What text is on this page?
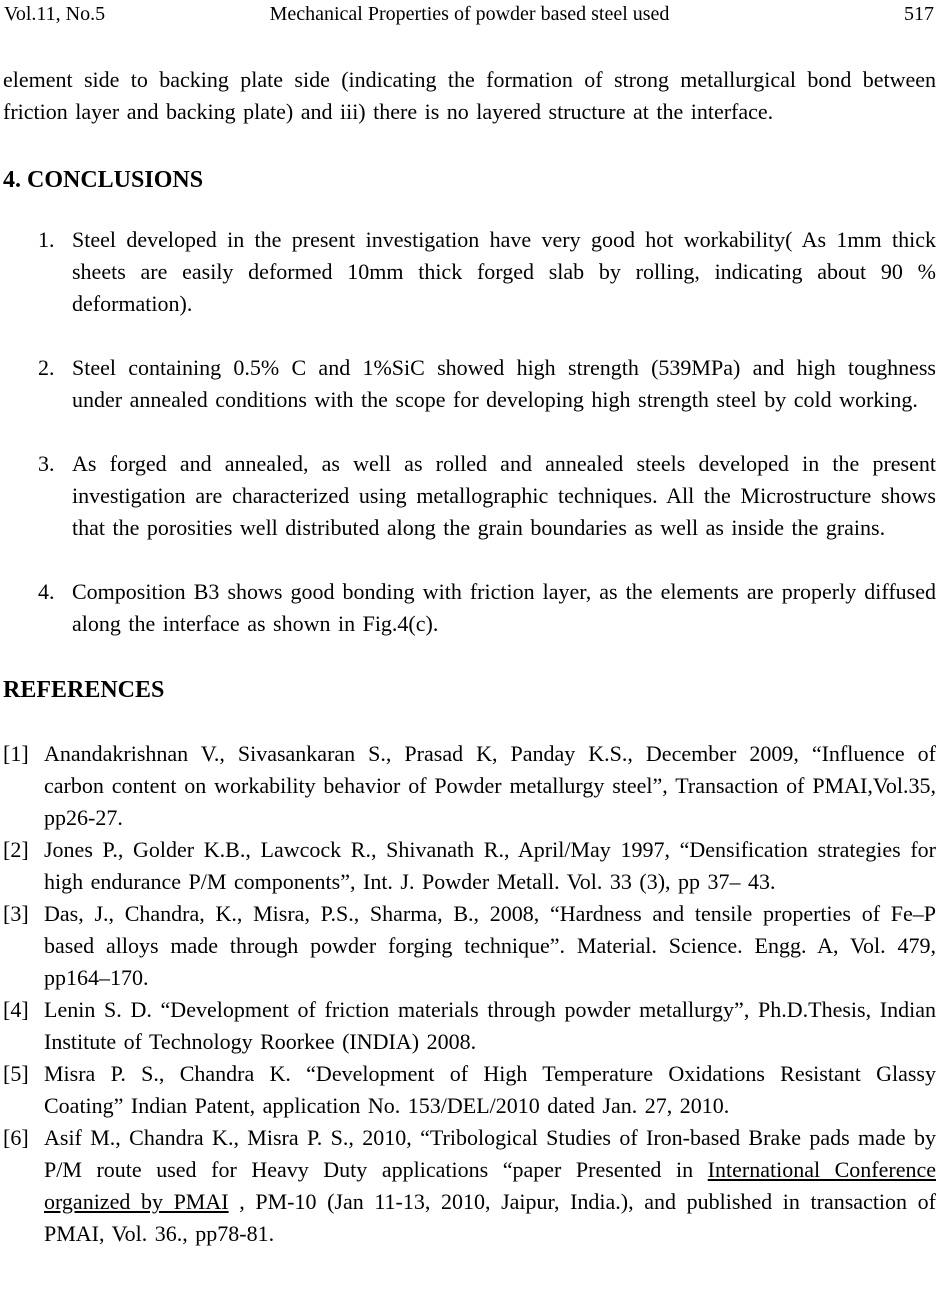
Vol.11, No.5	Mechanical Properties of powder based steel used	517

element side to backing plate side (indicating the formation of strong metallurgical bond between friction layer and backing plate) and iii) there is no layered structure at the interface.

4. CONCLUSIONS
1. Steel developed in the present investigation have very good hot workability( As 1mm thick sheets are easily deformed 10mm thick forged slab by rolling, indicating about 90 % deformation).
2. Steel containing 0.5% C and 1%SiC showed high strength (539MPa) and high toughness under annealed conditions with the scope for developing high strength steel by cold working.
3. As forged and annealed, as well as rolled and annealed steels developed in the present investigation are characterized using metallographic techniques. All the Microstructure shows that the porosities well distributed along the grain boundaries as well as inside the grains.
4. Composition B3 shows good bonding with friction layer, as the elements are properly diffused along the interface as shown in Fig.4(c).
REFERENCES
[1] Anandakrishnan V., Sivasankaran S., Prasad K, Panday K.S., December 2009, “Influence of carbon content on workability behavior of Powder metallurgy steel”, Transaction of PMAI,Vol.35, pp26-27.
[2] Jones P., Golder K.B., Lawcock R., Shivanath R., April/May 1997, “Densification strategies for high endurance P/M components”, Int. J. Powder Metall. Vol. 33 (3), pp 37– 43.
[3] Das, J., Chandra, K., Misra, P.S., Sharma, B., 2008, “Hardness and tensile properties of Fe–P based alloys made through powder forging technique”. Material. Science. Engg. A, Vol. 479, pp164–170.
[4] Lenin S. D. “Development of friction materials through powder metallurgy”, Ph.D.Thesis, Indian Institute of Technology Roorkee (INDIA) 2008.
[5] Misra P. S., Chandra K. “Development of High Temperature Oxidations Resistant Glassy Coating” Indian Patent, application No. 153/DEL/2010 dated Jan. 27, 2010.
[6] Asif M., Chandra K., Misra P. S., 2010, “Tribological Studies of Iron-based Brake pads made by P/M route used for Heavy Duty applications “paper Presented in International Conference organized by PMAI , PM-10 (Jan 11-13, 2010, Jaipur, India.), and published in transaction of PMAI, Vol. 36., pp78-81.
